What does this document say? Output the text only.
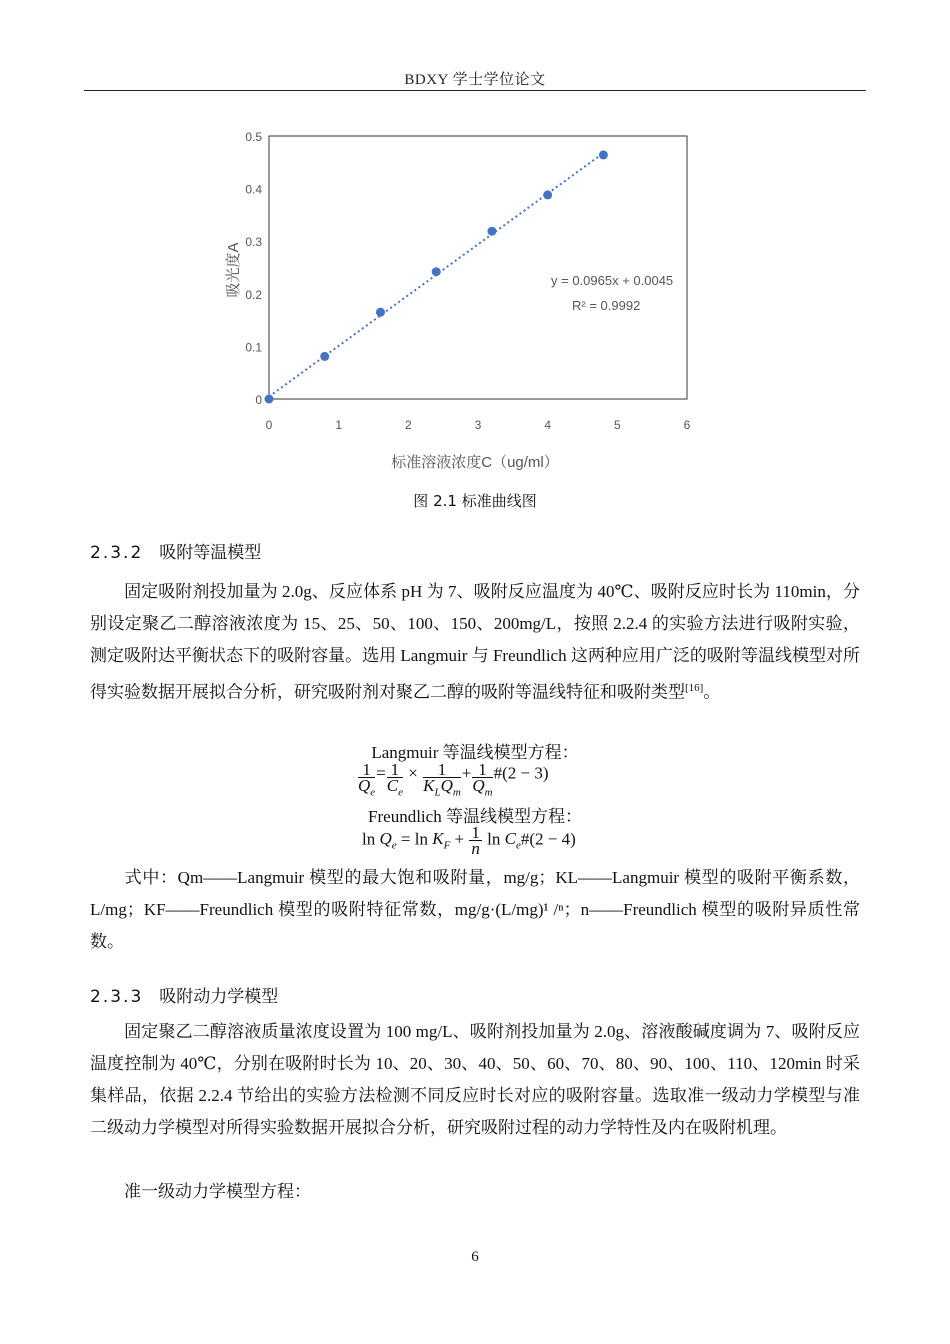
BDXY 学士学位论文
0
0.1
0.2
0.3
0.4
0.5
0	1	2	3	4	5	6
y = 0.0965x + 0.0045
R² = 0.9992
吸光度A
标准溶液浓度C（ug/ml）
图 2.1 标准曲线图
2.3.2 吸附等温模型

固定吸附剂投加量为 2.0g、反应体系 pH 为 7、吸附反应温度为 40℃、吸附反应时长为 110min，分别设定聚乙二醇溶液浓度为 15、25、50、100、150、200mg/L，按照 2.2.4 的实验方法进行吸附实验，测定吸附达平衡状态下的吸附容量。选用 Langmuir 与 Freundlich 这两种应用广泛的吸附等温线模型对所得实验数据开展拟合分析，研究吸附剂对聚乙二醇的吸附等温线特征和吸附类型[16]。

Langmuir 等温线模型方程：
$\frac{1}{Q_e} = \frac{1}{C_e} \times \frac{1}{K_LQ_m} + \frac{1}{Q_m}$ #(2 − 3)
Freundlich 等温线模型方程：
$\ln Q_e = \ln K_F + \frac{1}{n}$ $\ln C_e\#(2 - 4)$

式中：Qm——Langmuir 模型的最大饱和吸附量，mg/g；KL——Langmuir 模型的吸附平衡系数，L/mg；KF——Freundlich 模型的吸附特征常数，mg/g·(L/mg)¹ /ⁿ；n——Freundlich 模型的吸附异质性常数。

2.3.3 吸附动力学模型

固定聚乙二醇溶液质量浓度设置为 100 mg/L、吸附剂投加量为 2.0g、溶液酸碱度调为 7、吸附反应温度控制为 40℃，分别在吸附时长为 10、20、30、40、50、60、70、80、90、100、110、120min 时采集样品，依据 2.2.4 节给出的实验方法检测不同反应时长对应的吸附容量。选取准一级动力学模型与准二级动力学模型对所得实验数据开展拟合分析，研究吸附过程的动力学特性及内在吸附机理。

准一级动力学模型方程：

6
